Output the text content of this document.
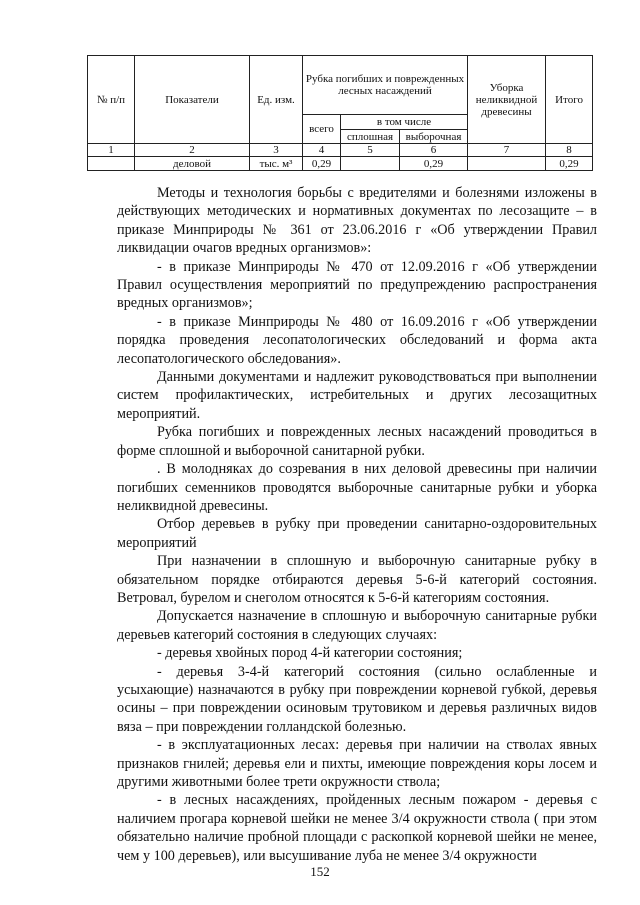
№ п/п	Показатели	Ед. изм.	Рубка погибших и поврежденных лесных насаждений			Уборка неликвидной древесины	Итого
			всего	в том числе			
				сплошная	выборочная		
1	2	3	4	5	6	7	8
	деловой	тыс. м³	0,29		0,29		0,29

Методы и технология борьбы с вредителями и болезнями изложены в действующих методических и нормативных документах по лесозащите – в приказе Минприроды № 361 от 23.06.2016 г «Об утверждении Правил ликвидации очагов вредных организмов»:

- в приказе Минприроды № 470 от 12.09.2016 г «Об утверждении Правил осуществления мероприятий по предупреждению распространения вредных организмов»;

- в приказе Минприроды № 480 от 16.09.2016 г «Об утверждении порядка проведения лесопатологических обследований и форма акта лесопатологического обследования».

Данными документами и надлежит руководствоваться при выполнении систем профилактических, истребительных и других лесозащитных мероприятий.

Рубка погибших и поврежденных лесных насаждений проводиться в форме сплошной и выборочной санитарной рубки.

. В молодняках до созревания в них деловой древесины при наличии погибших семенников проводятся выборочные санитарные рубки и уборка неликвидной древесины.

Отбор деревьев в рубку при проведении санитарно-оздоровительных мероприятий

При назначении в сплошную и выборочную санитарные рубку в обязательном порядке отбираются деревья 5-6-й категорий состояния. Ветровал, бурелом и снеголом относятся к 5-6-й категориям состояния.

Допускается назначение в сплошную и выборочную санитарные рубки деревьев категорий состояния в следующих случаях:

- деревья хвойных пород 4-й категории состояния;

- деревья 3-4-й категорий состояния (сильно ослабленные и усыхающие) назначаются в рубку при повреждении корневой губкой, деревья осины – при повреждении осиновым трутовиком и деревья различных видов вяза – при повреждении голландской болезнью.

- в эксплуатационных лесах: деревья при наличии на стволах явных признаков гнилей; деревья ели и пихты, имеющие повреждения коры лосем и другими животными более трети окружности ствола;

- в лесных насаждениях, пройденных лесным пожаром - деревья с наличием прогара корневой шейки не менее 3/4 окружности ствола ( при этом обязательно наличие пробной площади с раскопкой корневой шейки не менее, чем у 100 деревьев), или высушивание луба не менее 3/4 окружности

152
